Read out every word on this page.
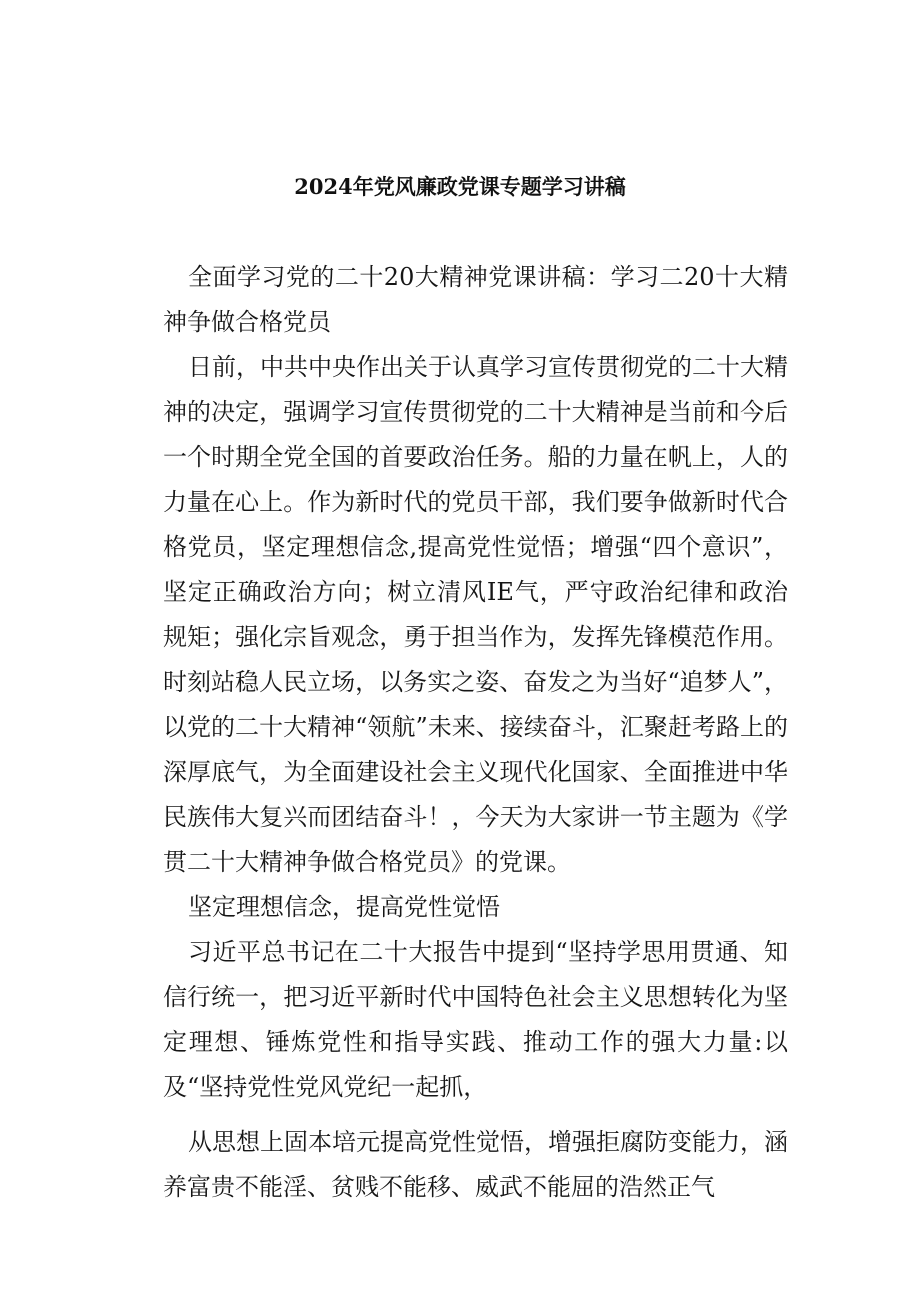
2024年党风廉政党课专题学习讲稿

全面学习党的二十20大精神党课讲稿：学习二20十大精神争做合格党员

日前，中共中央作出关于认真学习宣传贯彻党的二十大精神的决定，强调学习宣传贯彻党的二十大精神是当前和今后一个时期全党全国的首要政治任务。船的力量在帆上，人的力量在心上。作为新时代的党员干部，我们要争做新时代合格党员，坚定理想信念,提高党性觉悟；增强“四个意识”，坚定正确政治方向；树立清风IE气，严守政治纪律和政治规矩；强化宗旨观念，勇于担当作为，发挥先锋模范作用。时刻站稳人民立场，以务实之姿、奋发之为当好“追梦人”，以党的二十大精神“领航”未来、接续奋斗，汇聚赶考路上的深厚底气，为全面建设社会主义现代化国家、全面推进中华民族伟大复兴而团结奋斗！，今天为大家讲一节主题为《学贯二十大精神争做合格党员》的党课。

坚定理想信念，提高党性觉悟

习近平总书记在二十大报告中提到“坚持学思用贯通、知信行统一，把习近平新时代中国特色社会主义思想转化为坚定理想、锤炼党性和指导实践、推动工作的强大力量:以及“坚持党性党风党纪一起抓，

从思想上固本培元提高党性觉悟，增强拒腐防变能力，涵养富贵不能淫、贫贱不能移、威武不能屈的浩然正气
